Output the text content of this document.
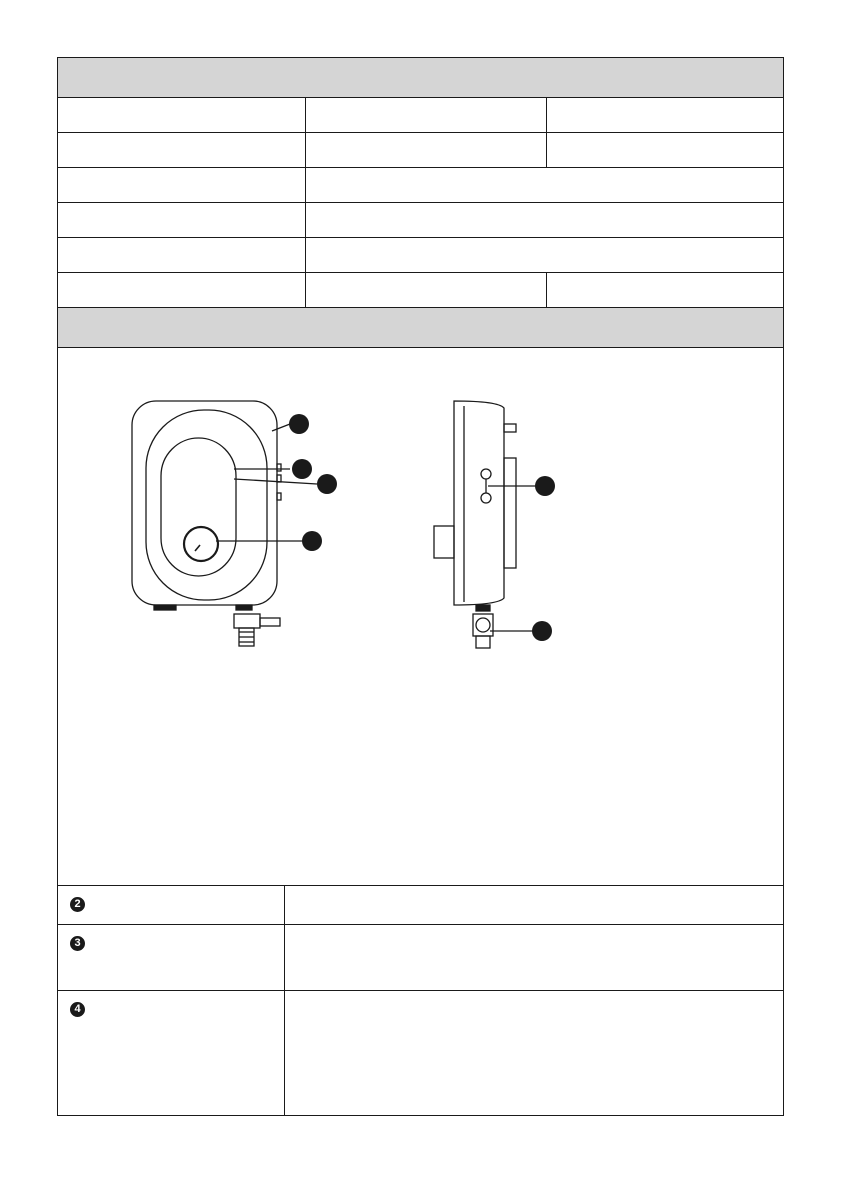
2	
3	
4	
